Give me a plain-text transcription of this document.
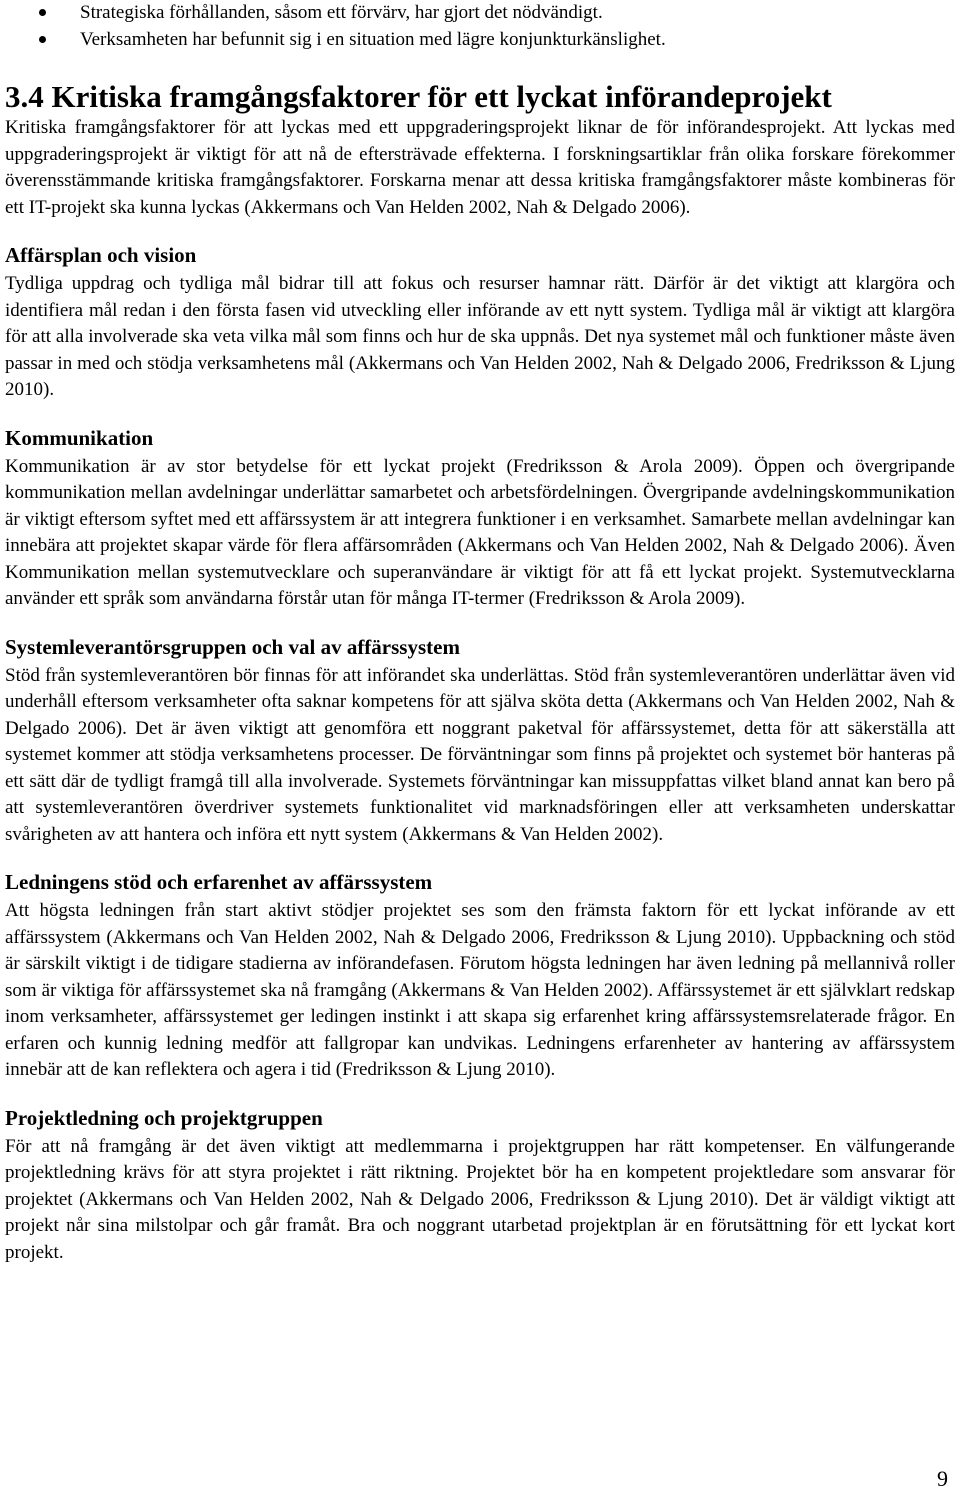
Strategiska förhållanden, såsom ett förvärv, har gjort det nödvändigt.
Verksamheten har befunnit sig i en situation med lägre konjunkturkänslighet.
3.4 Kritiska framgångsfaktorer för ett lyckat införandeprojekt

Kritiska framgångsfaktorer för att lyckas med ett uppgraderingsprojekt liknar de för införandesprojekt. Att lyckas med uppgraderingsprojekt är viktigt för att nå de eftersträvade effekterna. I forskningsartiklar från olika forskare förekommer överensstämmande kritiska framgångsfaktorer. Forskarna menar att dessa kritiska framgångsfaktorer måste kombineras för ett IT-projekt ska kunna lyckas (Akkermans och Van Helden 2002, Nah & Delgado 2006).

Affärsplan och vision

Tydliga uppdrag och tydliga mål bidrar till att fokus och resurser hamnar rätt. Därför är det viktigt att klargöra och identifiera mål redan i den första fasen vid utveckling eller införande av ett nytt system. Tydliga mål är viktigt att klargöra för att alla involverade ska veta vilka mål som finns och hur de ska uppnås. Det nya systemet mål och funktioner måste även passar in med och stödja verksamhetens mål (Akkermans och Van Helden 2002, Nah & Delgado 2006, Fredriksson & Ljung 2010).

Kommunikation

Kommunikation är av stor betydelse för ett lyckat projekt (Fredriksson & Arola 2009). Öppen och övergripande kommunikation mellan avdelningar underlättar samarbetet och arbetsfördelningen. Övergripande avdelningskommunikation är viktigt eftersom syftet med ett affärssystem är att integrera funktioner i en verksamhet. Samarbete mellan avdelningar kan innebära att projektet skapar värde för flera affärsområden (Akkermans och Van Helden 2002, Nah & Delgado 2006). Även Kommunikation mellan systemutvecklare och superanvändare är viktigt för att få ett lyckat projekt. Systemutvecklarna använder ett språk som användarna förstår utan för många IT-termer (Fredriksson & Arola 2009).

Systemleverantörsgruppen och val av affärssystem

Stöd från systemleverantören bör finnas för att införandet ska underlättas. Stöd från systemleverantören underlättar även vid underhåll eftersom verksamheter ofta saknar kompetens för att själva sköta detta (Akkermans och Van Helden 2002, Nah & Delgado 2006). Det är även viktigt att genomföra ett noggrant paketval för affärssystemet, detta för att säkerställa att systemet kommer att stödja verksamhetens processer. De förväntningar som finns på projektet och systemet bör hanteras på ett sätt där de tydligt framgå till alla involverade. Systemets förväntningar kan missuppfattas vilket bland annat kan bero på att systemleverantören överdriver systemets funktionalitet vid marknadsföringen eller att verksamheten underskattar svårigheten av att hantera och införa ett nytt system (Akkermans & Van Helden 2002).

Ledningens stöd och erfarenhet av affärssystem

Att högsta ledningen från start aktivt stödjer projektet ses som den främsta faktorn för ett lyckat införande av ett affärssystem (Akkermans och Van Helden 2002, Nah & Delgado 2006, Fredriksson & Ljung 2010). Uppbackning och stöd är särskilt viktigt i de tidigare stadierna av införandefasen. Förutom högsta ledningen har även ledning på mellannivå roller som är viktiga för affärssystemet ska nå framgång (Akkermans & Van Helden 2002). Affärssystemet är ett självklart redskap inom verksamheter, affärssystemet ger ledingen instinkt i att skapa sig erfarenhet kring affärssystemsrelaterade frågor. En erfaren och kunnig ledning medför att fallgropar kan undvikas. Ledningens erfarenheter av hantering av affärssystem innebär att de kan reflektera och agera i tid (Fredriksson & Ljung 2010).

Projektledning och projektgruppen

För att nå framgång är det även viktigt att medlemmarna i projektgruppen har rätt kompetenser. En välfungerande projektledning krävs för att styra projektet i rätt riktning. Projektet bör ha en kompetent projektledare som ansvarar för projektet (Akkermans och Van Helden 2002, Nah & Delgado 2006, Fredriksson & Ljung 2010). Det är väldigt viktigt att projekt når sina milstolpar och går framåt. Bra och noggrant utarbetad projektplan är en förutsättning för ett lyckat kort projekt.

9
